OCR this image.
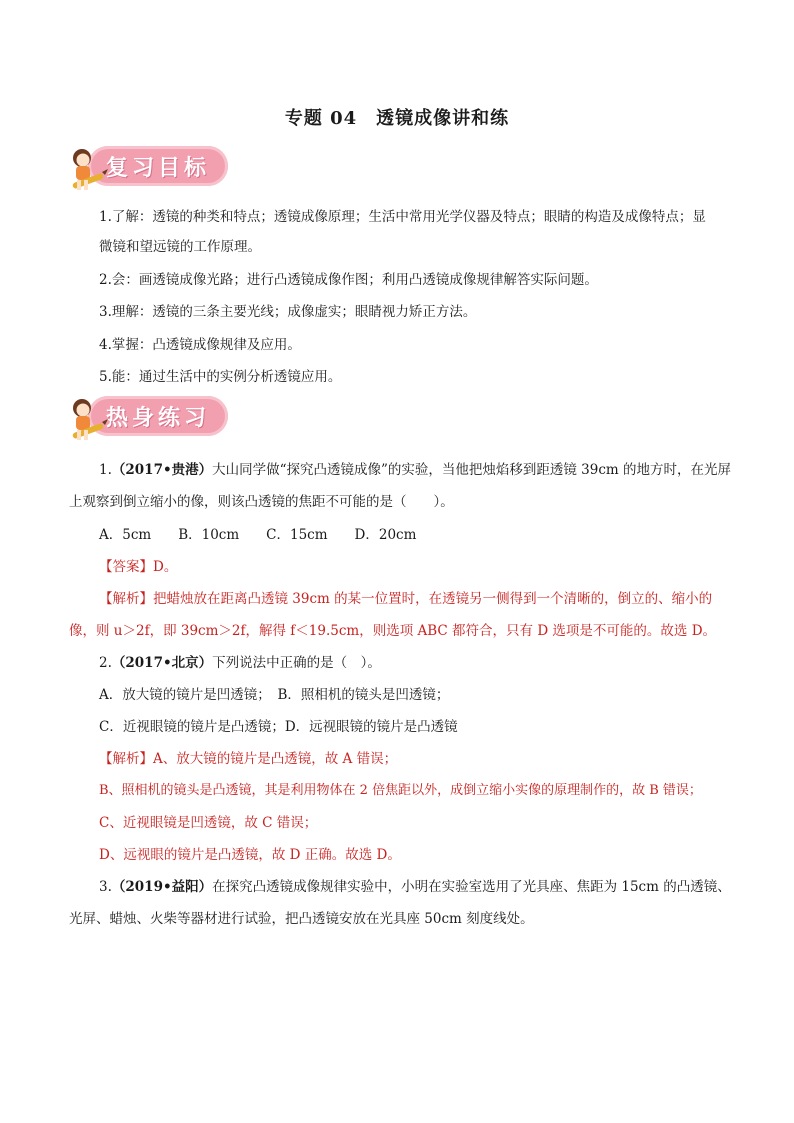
专题 04　透镜成像讲和练
复习目标
1.了解：透镜的种类和特点；透镜成像原理；生活中常用光学仪器及特点；眼睛的构造及成像特点；显
微镜和望远镜的工作原理。
2.会：画透镜成像光路；进行凸透镜成像作图；利用凸透镜成像规律解答实际问题。
3.理解：透镜的三条主要光线；成像虚实；眼睛视力矫正方法。
4.掌握：凸透镜成像规律及应用。
5.能：通过生活中的实例分析透镜应用。
热身练习
1.（2017•贵港）大山同学做“探究凸透镜成像”的实验，当他把烛焰移到距透镜 39cm 的地方时，在光屏
上观察到倒立缩小的像，则该凸透镜的焦距不可能的是（　　）。
A．5cm　　B．10cm　　C．15cm　　D．20cm
【答案】D。
【解析】把蜡烛放在距离凸透镜 39cm 的某一位置时，在透镜另一侧得到一个清晰的，倒立的、缩小的
像，则 u＞2f，即 39cm＞2f，解得 f＜19.5cm，则选项 ABC 都符合，只有 D 选项是不可能的。故选 D。
2.（2017•北京）下列说法中正确的是（　）。
A．放大镜的镜片是凹透镜；　B．照相机的镜头是凹透镜；
C．近视眼镜的镜片是凸透镜；D．远视眼镜的镜片是凸透镜
【解析】A、放大镜的镜片是凸透镜，故 A 错误；
B、照相机的镜头是凸透镜，其是利用物体在 2 倍焦距以外，成倒立缩小实像的原理制作的，故 B 错误；
C、近视眼镜是凹透镜，故 C 错误；
D、远视眼的镜片是凸透镜，故 D 正确。故选 D。
3.（2019•益阳）在探究凸透镜成像规律实验中，小明在实验室选用了光具座、焦距为 15cm 的凸透镜、
光屏、蜡烛、火柴等器材进行试验，把凸透镜安放在光具座 50cm 刻度线处。
